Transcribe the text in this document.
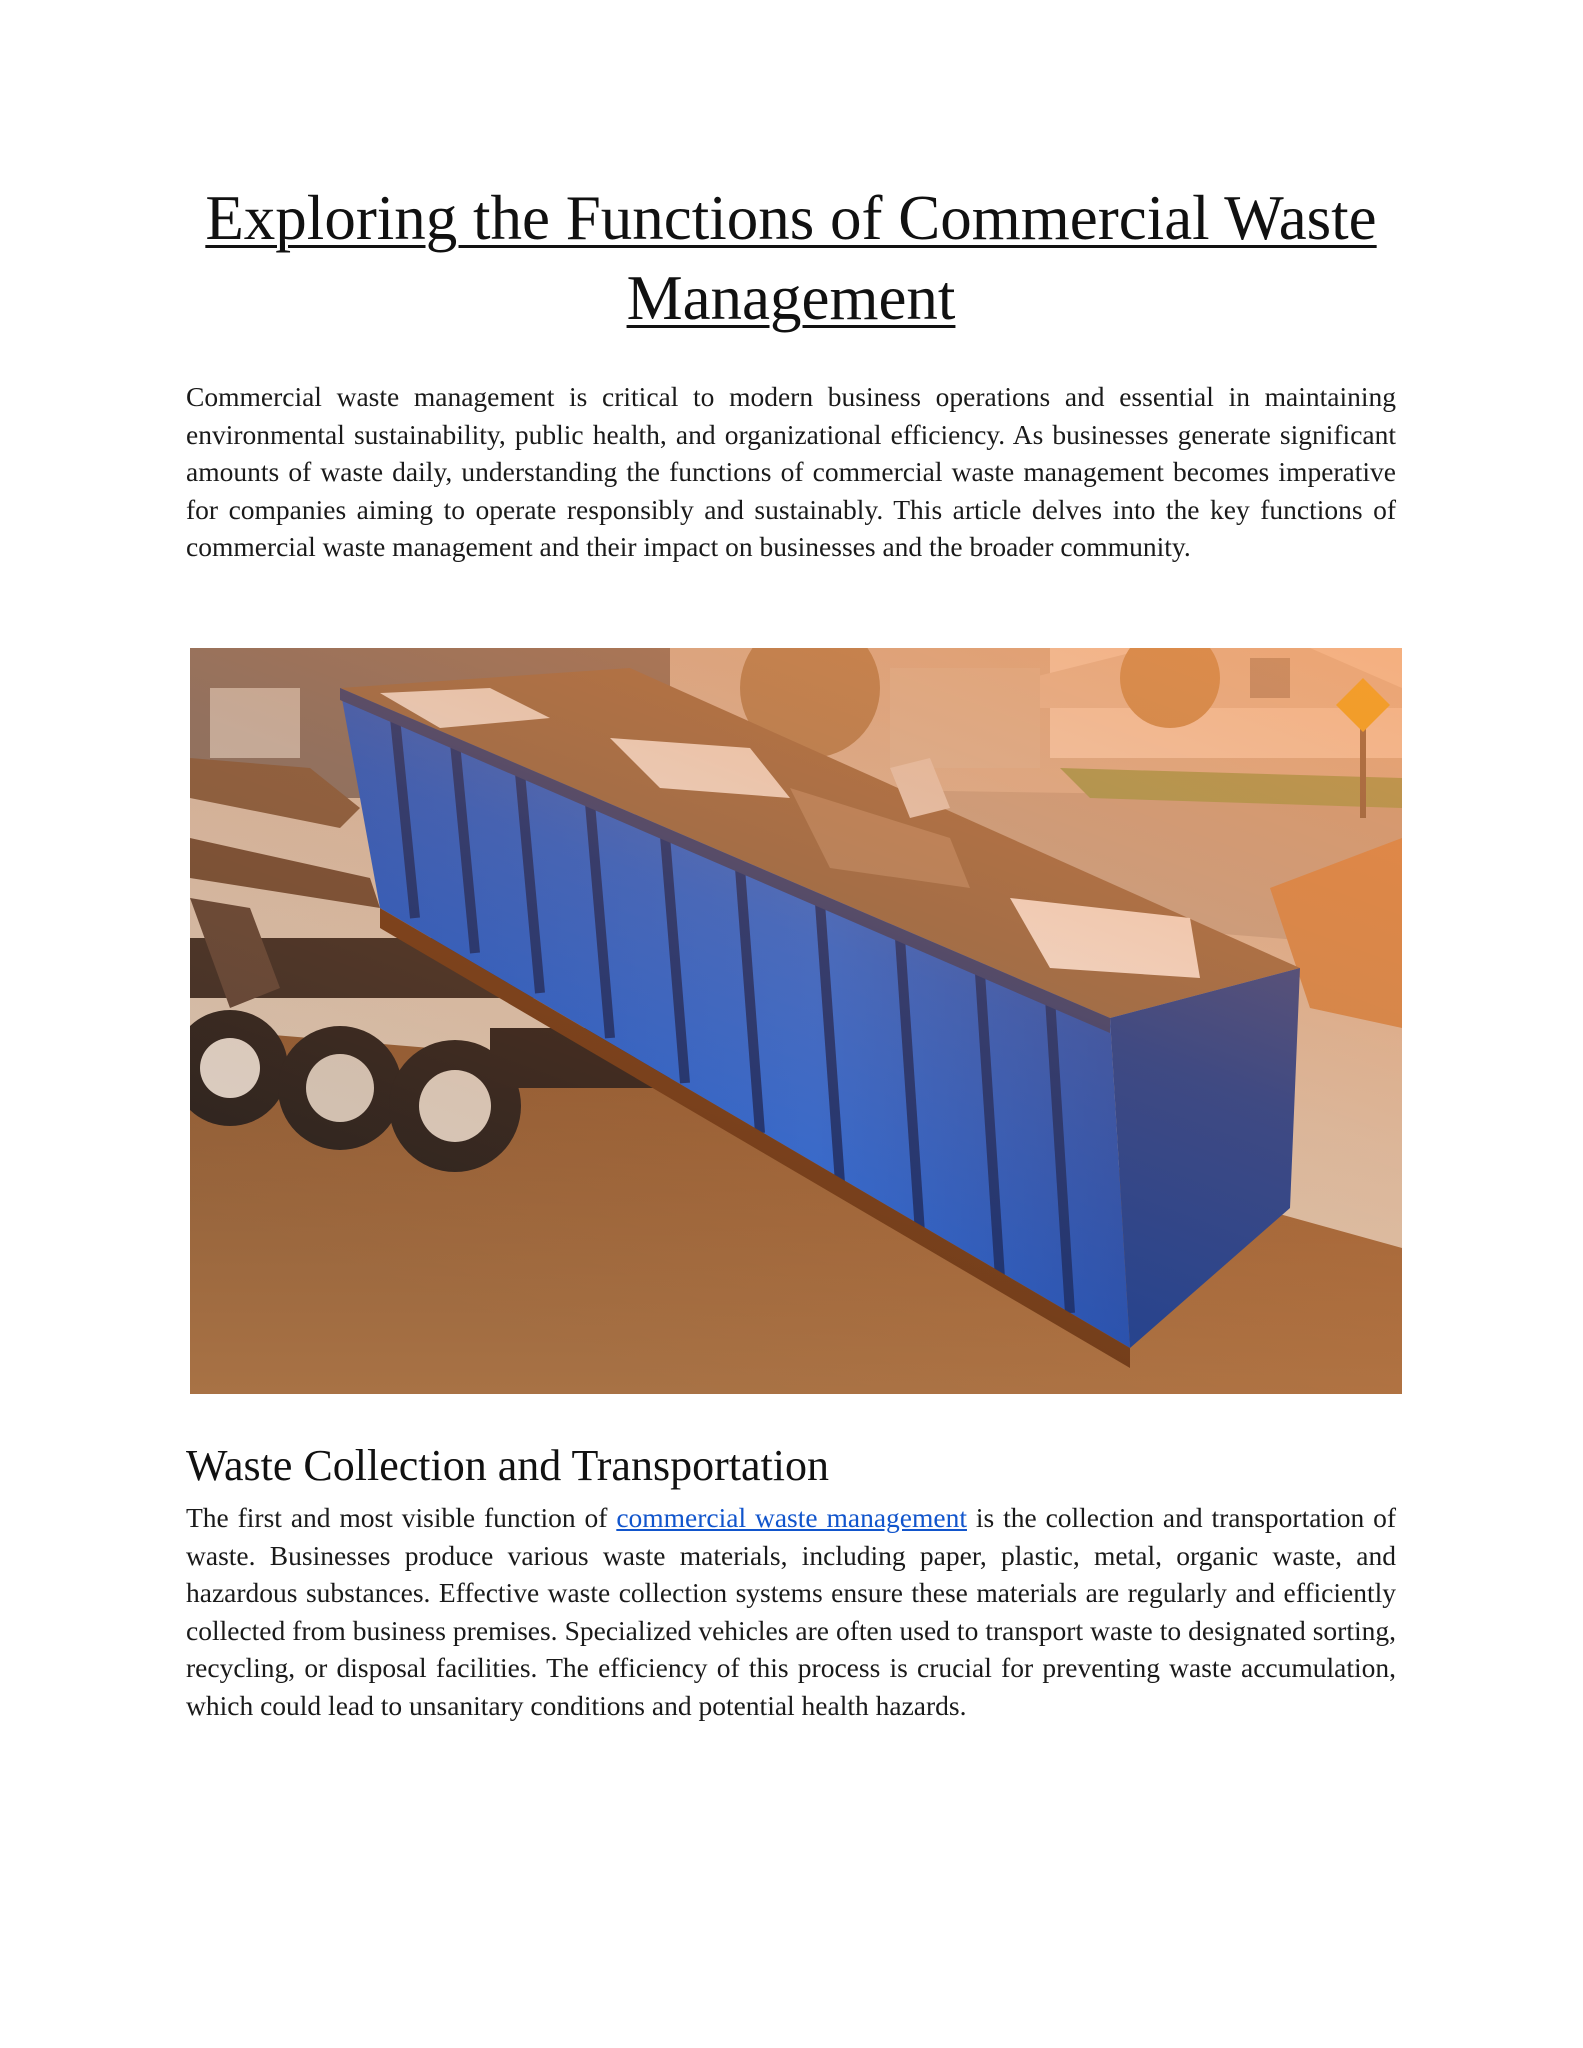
Exploring the Functions of Commercial Waste Management

Commercial waste management is critical to modern business operations and essential in maintaining environmental sustainability, public health, and organizational efficiency. As businesses generate significant amounts of waste daily, understanding the functions of commercial waste management becomes imperative for companies aiming to operate responsibly and sustainably. This article delves into the key functions of commercial waste management and their impact on businesses and the broader community.

Waste Collection and Transportation

The first and most visible function of commercial waste management is the collection and transportation of waste. Businesses produce various waste materials, including paper, plastic, metal, organic waste, and hazardous substances. Effective waste collection systems ensure these materials are regularly and efficiently collected from business premises. Specialized vehicles are often used to transport waste to designated sorting, recycling, or disposal facilities. The efficiency of this process is crucial for preventing waste accumulation, which could lead to unsanitary conditions and potential health hazards.
